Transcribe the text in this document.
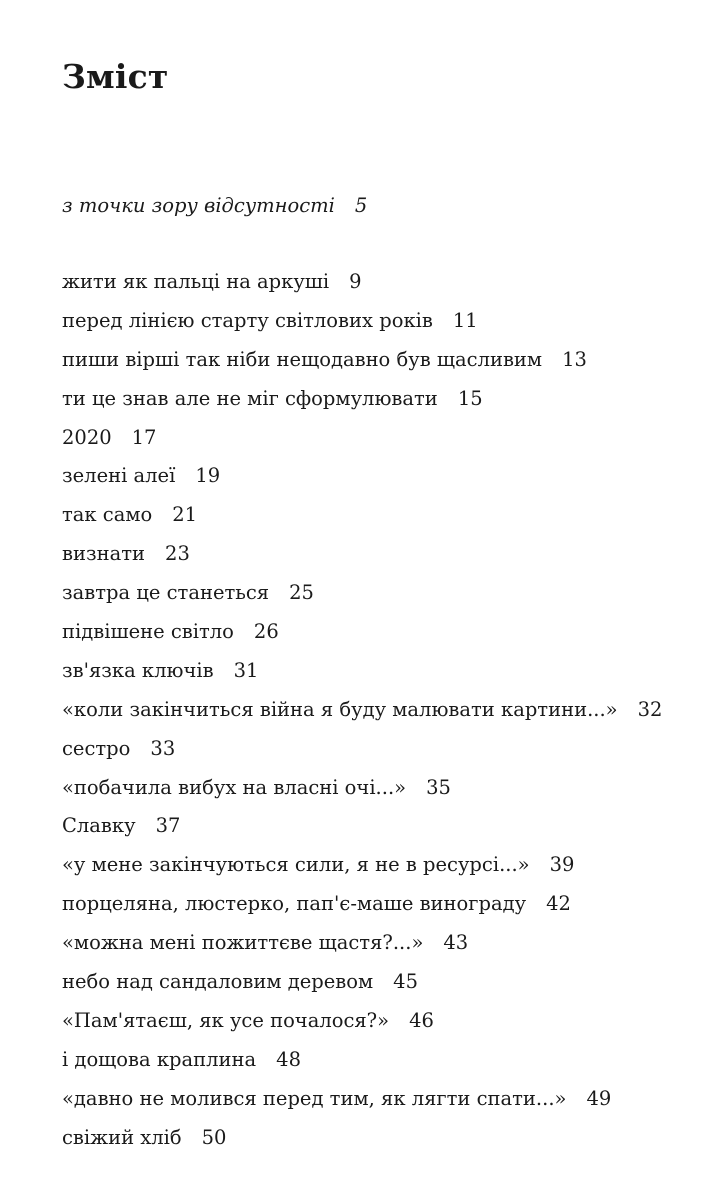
Зміст
з точки зору відсутності 5
жити як пальці на аркуші 9
перед лінією старту світлових років 11
пиши вірші так ніби нещодавно був щасливим 13
ти це знав але не міг сформулювати 15
2020 17
зелені алеї 19
так само 21
визнати 23
завтра це станеться 25
підвішене світло 26
зв'язка ключів 31
«коли закінчиться війна я буду малювати картини...» 32
сестро 33
«побачила вибух на власні очі...» 35
Славку 37
«у мене закінчуються сили, я не в ресурсі...» 39
порцеляна, люстерко, пап'є-маше винограду 42
«можна мені пожиттєве щастя?...» 43
небо над сандаловим деревом 45
«Пам'ятаєш, як усе почалося?» 46
і дощова краплина 48
«давно не молився перед тим, як лягти спати...» 49
свіжий хліб 50
